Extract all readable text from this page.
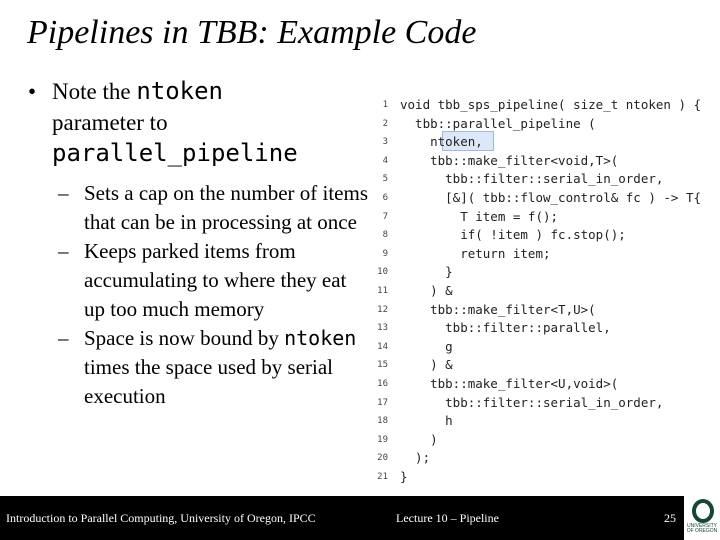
Pipelines in TBB: Example Code
• Note the ntoken
parameter to
parallel_pipeline
– Sets a cap on the number of items that can be in processing at once
– Keeps parked items from accumulating to where they eat up too much memory
– Space is now bound by ntoken times the space used by serial execution
1 void tbb_sps_pipeline( size_t ntoken ) {
2 tbb::parallel_pipeline (
3 ntoken,
4 tbb::make_filter<void,T>(
5 tbb::filter::serial_in_order,
6 [&]( tbb::flow_control& fc ) -> T{
7 T item = f();
8 if( !item ) fc.stop();
9 return item;
10 }
11 ) &
12 tbb::make_filter<T,U>(
13 tbb::filter::parallel,
14 g
15 ) &
16 tbb::make_filter<U,void>(
17 tbb::filter::serial_in_order,
18 h
19 )
20 );
21 }
Introduction to Parallel Computing, University of Oregon, IPCC	Lecture 10 – Pipeline	25
UNIVERSITY OF OREGON
